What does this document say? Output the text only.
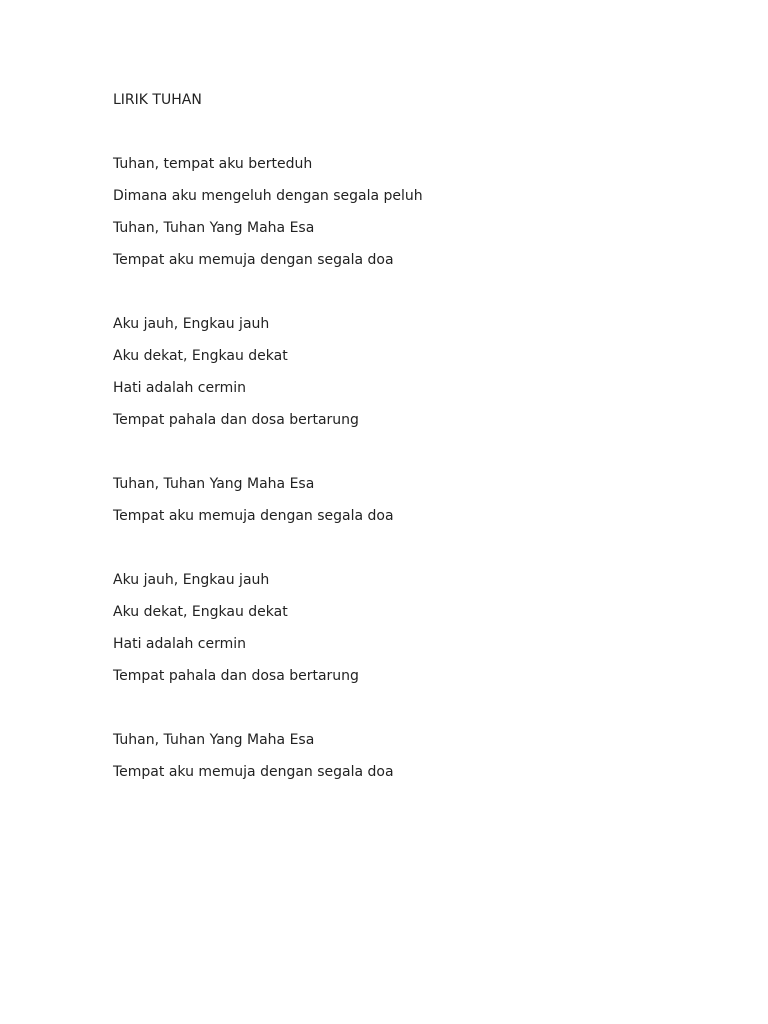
LIRIK TUHAN
Tuhan, tempat aku berteduh
Dimana aku mengeluh dengan segala peluh
Tuhan, Tuhan Yang Maha Esa
Tempat aku memuja dengan segala doa
Aku jauh, Engkau jauh
Aku dekat, Engkau dekat
Hati adalah cermin
Tempat pahala dan dosa bertarung
Tuhan, Tuhan Yang Maha Esa
Tempat aku memuja dengan segala doa
Aku jauh, Engkau jauh
Aku dekat, Engkau dekat
Hati adalah cermin
Tempat pahala dan dosa bertarung
Tuhan, Tuhan Yang Maha Esa
Tempat aku memuja dengan segala doa
